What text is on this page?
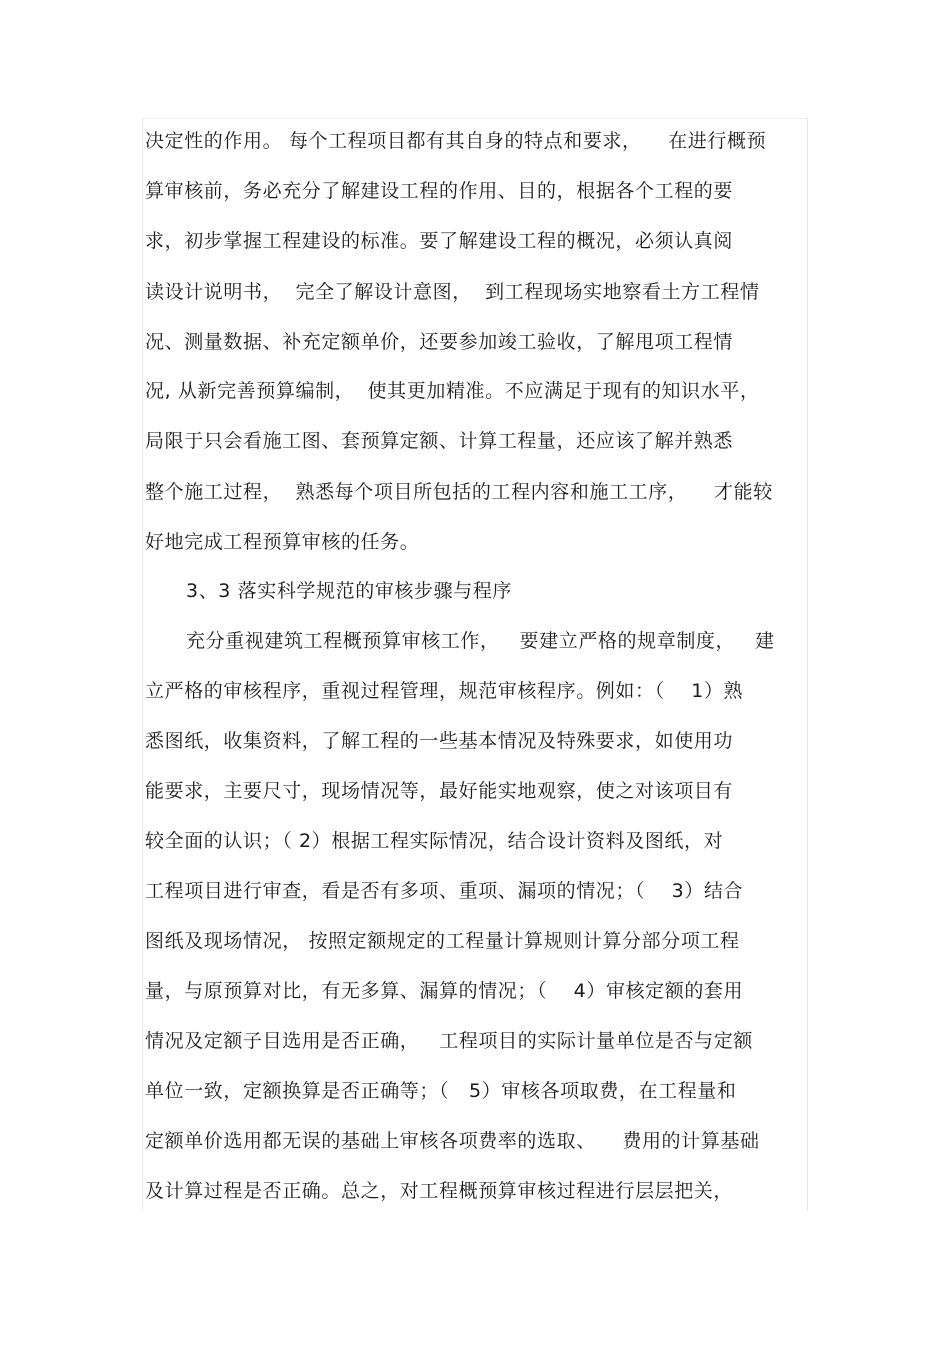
决定性的作用。 每个工程项目都有其自身的特点和要求，    在进行概预
算审核前，务必充分了解建设工程的作用、目的，根据各个工程的要
求，初步掌握工程建设的标准。要了解建设工程的概况，必须认真阅
读设计说明书，  完全了解设计意图，  到工程现场实地察看土方工程情
况、测量数据、补充定额单价，还要参加竣工验收，了解甩项工程情
况, 从新完善预算编制，  使其更加精准。不应满足于现有的知识水平，
局限于只会看施工图、套预算定额、计算工程量，还应该了解并熟悉
整个施工过程，  熟悉每个项目所包括的工程内容和施工工序，    才能较
好地完成工程预算审核的任务。
3、3 落实科学规范的审核步骤与程序
充分重视建筑工程概预算审核工作，   要建立严格的规章制度，   建
立严格的审核程序，重视过程管理，规范审核程序。例如：（    1）熟
悉图纸，收集资料，了解工程的一些基本情况及特殊要求，如使用功
能要求，主要尺寸，现场情况等，最好能实地观察，使之对该项目有
较全面的认识；（ 2）根据工程实际情况，结合设计资料及图纸，对
工程项目进行审查，看是否有多项、重项、漏项的情况；（    3）结合
图纸及现场情况， 按照定额规定的工程量计算规则计算分部分项工程
量，与原预算对比，有无多算、漏算的情况；（    4）审核定额的套用
情况及定额子目选用是否正确，   工程项目的实际计量单位是否与定额
单位一致，定额换算是否正确等；（   5）审核各项取费，在工程量和
定额单价选用都无误的基础上审核各项费率的选取、    费用的计算基础
及计算过程是否正确。总之，对工程概预算审核过程进行层层把关，
